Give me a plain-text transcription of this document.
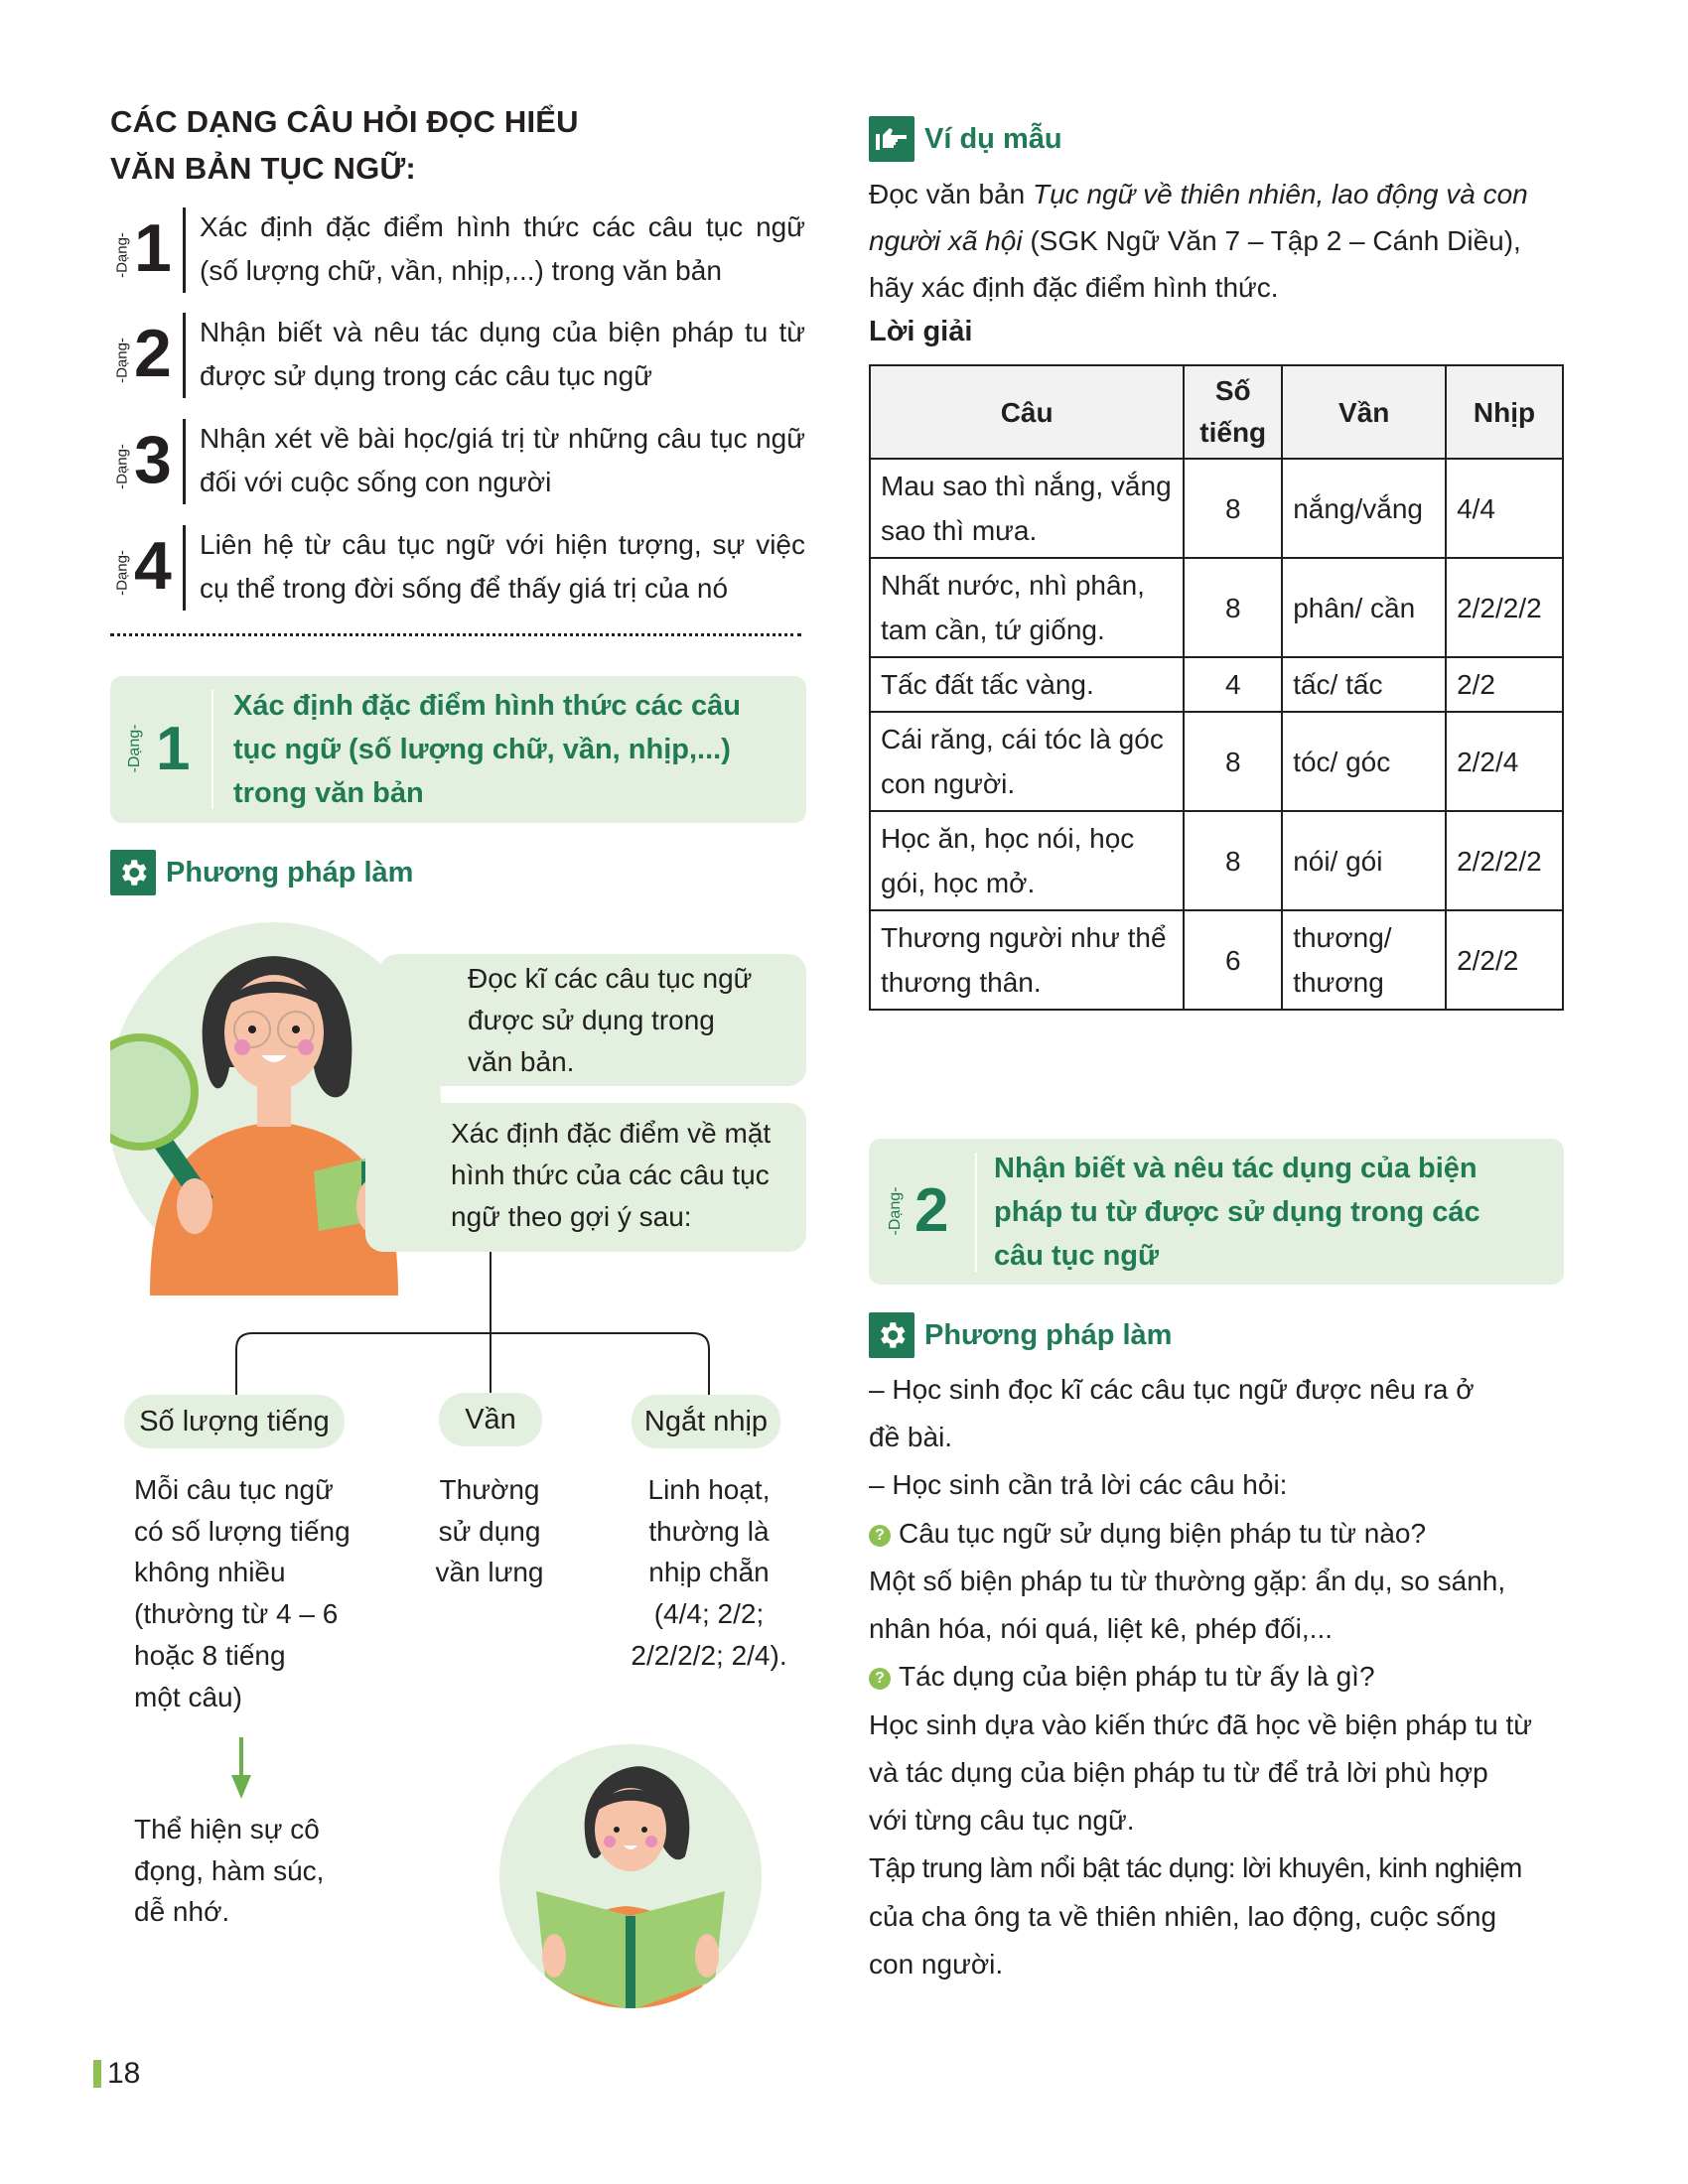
CÁC DẠNG CÂU HỎI ĐỌC HIỂU
VĂN BẢN TỤC NGỮ:
-Dạng- 1 Xác định đặc điểm hình thức các câu tục ngữ (số lượng chữ, vần, nhịp,...) trong văn bản
-Dạng- 2 Nhận biết và nêu tác dụng của biện pháp tu từ được sử dụng trong các câu tục ngữ
-Dạng- 3 Nhận xét về bài học/giá trị từ những câu tục ngữ đối với cuộc sống con người
-Dạng- 4 Liên hệ từ câu tục ngữ với hiện tượng, sự việc cụ thể trong đời sống để thấy giá trị của nó
-Dạng- 1
Xác định đặc điểm hình thức các câu
tục ngữ (số lượng chữ, vần, nhịp,...)
trong văn bản
Phương pháp làm
Đọc kĩ các câu tục ngữ
được sử dụng trong
văn bản.
Xác định đặc điểm về mặt
hình thức của các câu tục
ngữ theo gợi ý sau:
Số lượng tiếng	Vần	Ngắt nhịp
Mỗi câu tục ngữ
có số lượng tiếng
không nhiều
(thường từ 4 – 6
hoặc 8 tiếng
một câu)
Thường
sử dụng
vần lưng
Linh hoạt,
thường là
nhịp chẵn
(4/4; 2/2;
2/2/2/2; 2/4).
Thể hiện sự cô
đọng, hàm súc,
dễ nhớ.
Ví dụ mẫu
Đọc văn bản Tục ngữ về thiên nhiên, lao động và con
người xã hội (SGK Ngữ Văn 7 – Tập 2 – Cánh Diều),
hãy xác định đặc điểm hình thức.
Lời giải
Câu	Số tiếng	Vần	Nhịp
Mau sao thì nắng, vắng sao thì mưa.	8	nắng/vắng	4/4
Nhất nước, nhì phân, tam cần, tứ giống.	8	phân/ cần	2/2/2/2
Tấc đất tấc vàng.	4	tấc/ tấc	2/2
Cái răng, cái tóc là góc con người.	8	tóc/ góc	2/2/4
Học ăn, học nói, học gói, học mở.	8	nói/ gói	2/2/2/2
Thương người như thể thương thân.	6	thương/ thương	2/2/2
-Dạng- 2
Nhận biết và nêu tác dụng của biện
pháp tu từ được sử dụng trong các
câu tục ngữ
Phương pháp làm
– Học sinh đọc kĩ các câu tục ngữ được nêu ra ở
đề bài.
– Học sinh cần trả lời các câu hỏi:
? Câu tục ngữ sử dụng biện pháp tu từ nào?
Một số biện pháp tu từ thường gặp: ẩn dụ, so sánh,
nhân hóa, nói quá, liệt kê, phép đối,...
? Tác dụng của biện pháp tu từ ấy là gì?
Học sinh dựa vào kiến thức đã học về biện pháp tu từ
và tác dụng của biện pháp tu từ để trả lời phù hợp
với từng câu tục ngữ.
Tập trung làm nổi bật tác dụng: lời khuyên, kinh nghiệm
của cha ông ta về thiên nhiên, lao động, cuộc sống
con người.
18
